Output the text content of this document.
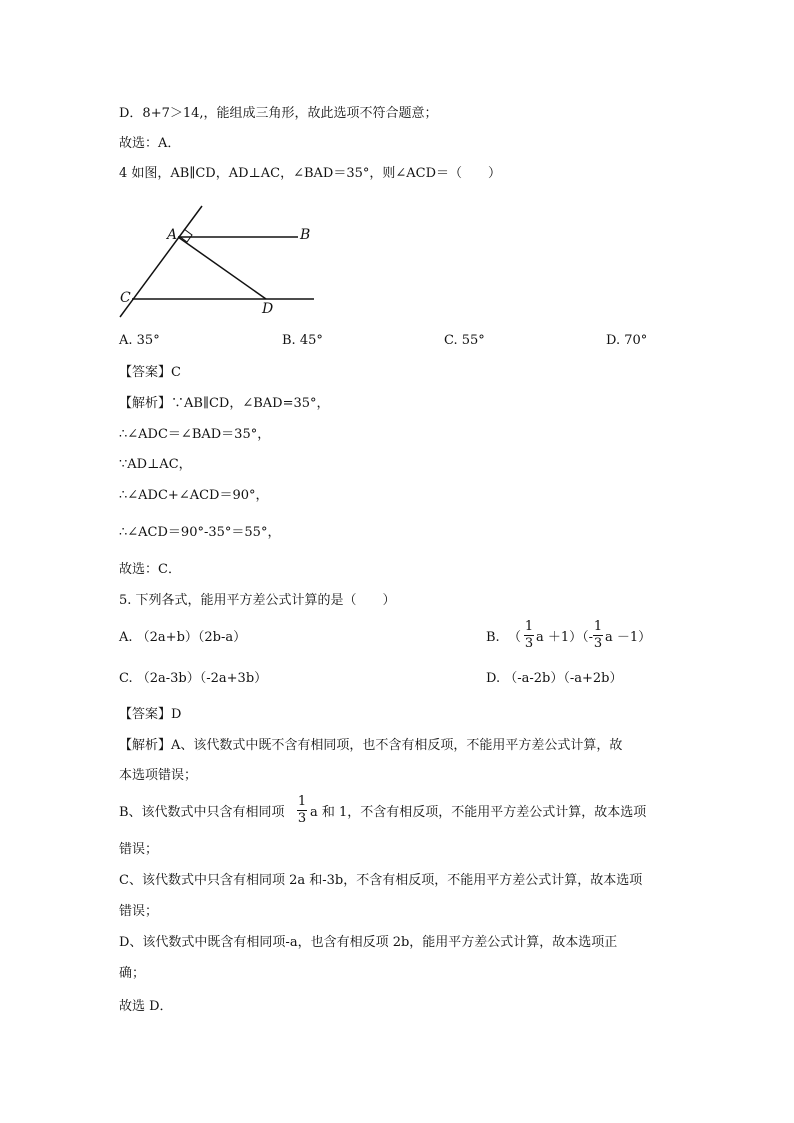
D．8+7＞14,，能组成三角形，故此选项不符合题意；
故选：A．
4 如图，AB∥CD，AD⊥AC，∠BAD＝35°，则∠ACD＝（　　）
A	B
C
D
A. 35°	B. 45°	C. 55°	D. 70°
【答案】C
【解析】∵AB∥CD，∠BAD=35°，
∴∠ADC＝∠BAD＝35°，
∵AD⊥AC，
∴∠ADC+∠ACD＝90°，
∴∠ACD＝90°-35°＝55°，
故选：C．
5. 下列各式，能用平方差公式计算的是（　　）
A. （2a+b）（2b-a）	B. （
1
3 a ＋1）（-
1
3 a －1）
C. （2a-3b）（-2a+3b）	D. （-a-2b）（-a+2b）
【答案】D
【解析】A、该代数式中既不含有相同项，也不含有相反项，不能用平方差公式计算，故
本选项错误；
B、该代数式中只含有相同项
1
3 a 和 1，不含有相反项，不能用平方差公式计算，故本选项
错误；
C、该代数式中只含有相同项 2a 和-3b，不含有相反项，不能用平方差公式计算，故本选项
错误；
D、该代数式中既含有相同项-a，也含有相反项 2b，能用平方差公式计算，故本选项正
确；
故选 D．
